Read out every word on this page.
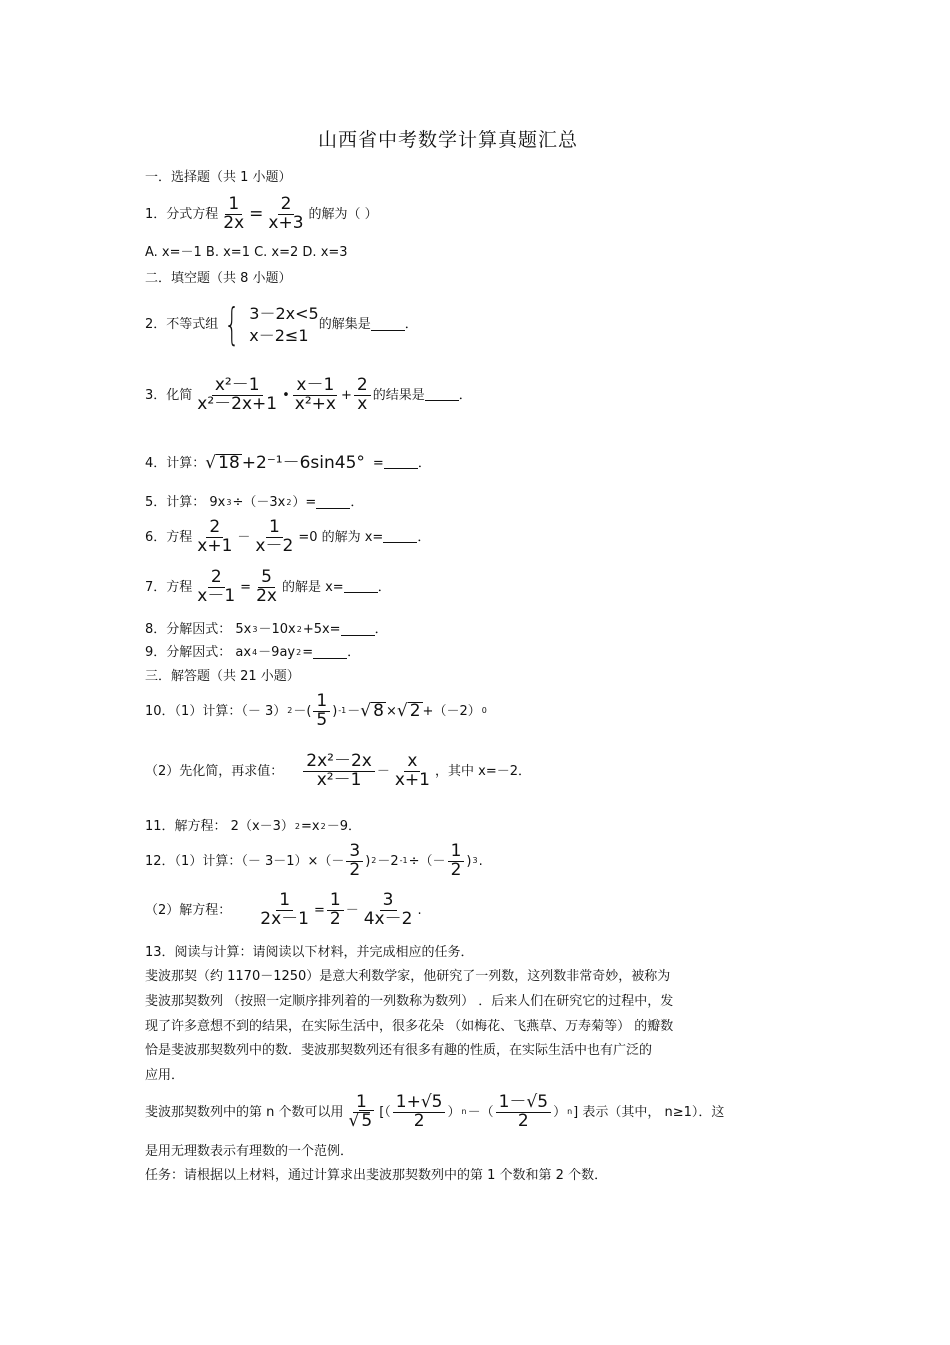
山西省中考数学计算真题汇总
一．选择题（共 1 小题）
1．分式方程 $\frac{1}{2x} = \frac{2}{x+3}$ 的解为（ ）
A. x=－1 B. x=1 C. x=2 D. x=3
二．填空题（共 8 小题）
2．不等式组 { 3－2x<5
x－2≤1
的解集是	．
3．化简 $\frac{\text{x²－1}}{\text{x²－2x+1}}$ • $\frac{x-1}{\text{x²+x}} + \frac{2}{x}$ 的结果是	．
4．计算： √ 18 +2⁻¹－6sin45° =	．
5．计算： 9x 3 ÷（－3x 2 ）=	．
6．方程 $\frac{2}{x+1} - \frac{1}{x-2} =0$ 的解为 x=	．
7．方程 $\frac{2}{x-1} = \frac{5}{2x}$ 的解是 x=	．
8．分解因式： 5x 3 －10x 2 +5x=	．
9．分解因式： ax 4 －9ay 2 =	．
三．解答题（共 21 小题）
10．（1）计算：（－ 3） 2 －( $\frac{1}{5}$ ) -1 － √ 8 × √ 2 +（－2） 0
（2）先化简，再求值： $\frac{\text{2x²－2x}}{\text{x²－1}} - \frac{x}{x+1}$ ，其中 x=－2．
11．解方程： 2（x－3） 2 =x 2 －9．
12．（1）计算：（－ $3-1)\times(- \frac{3}{2}$ ) 2 －2 -1 ÷（－ $\frac{1}{2}$ ) 3 .
（2）解方程： $\frac{1}{2x-1} = \frac{1}{2} - \frac{3}{4x-2}$ .
13．阅读与计算：请阅读以下材料，并完成相应的任务．
斐波那契（约 1170－1250）是意大利数学家，他研究了一列数，这列数非常奇妙，被称为
斐波那契数列 （按照一定顺序排列着的一列数称为数列） ．后来人们在研究它的过程中，发
现了许多意想不到的结果，在实际生活中，很多花朵 （如梅花、飞燕草、万寿菊等） 的瓣数
恰是斐波那契数列中的数．斐波那契数列还有很多有趣的性质，在实际生活中也有广泛的
应用．
斐波那契数列中的第 n 个数可以用 $\frac{1}{√ 5}$ [（ $\frac{1+√5}{2}$ ） n －（ $\frac{1-√5}{2}$ ） n ] 表示（其中， n≥1）．这
是用无理数表示有理数的一个范例．
任务：请根据以上材料，通过计算求出斐波那契数列中的第 1 个数和第 2 个数．
